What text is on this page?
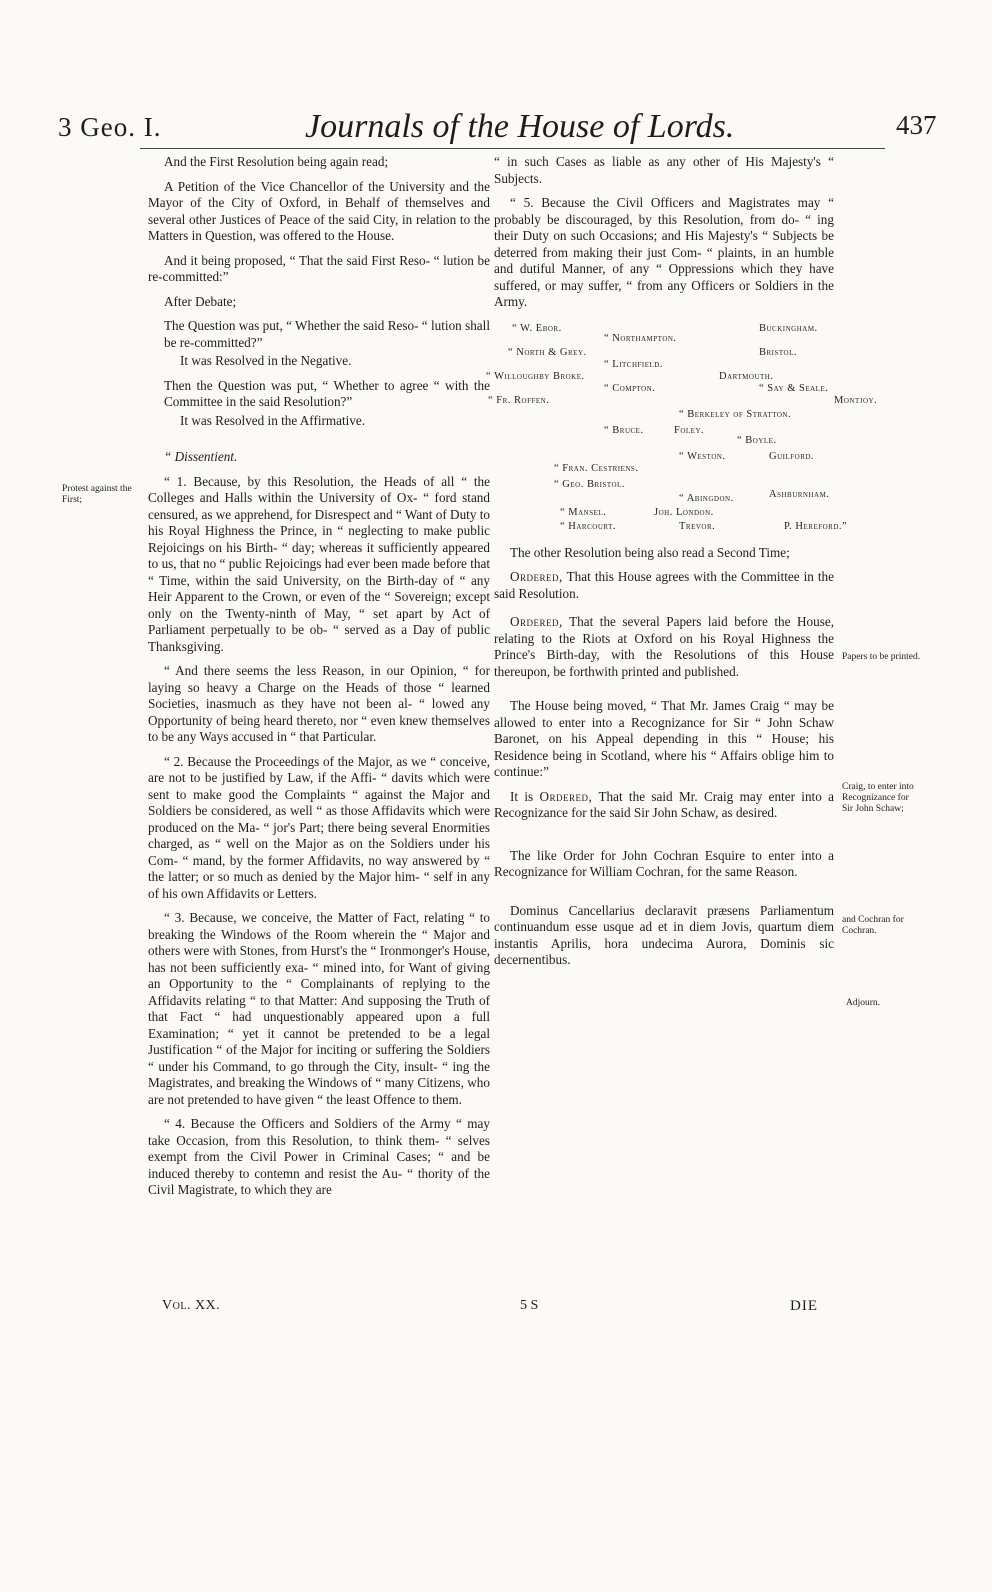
3 Geo. I.	Journals of the House of Lords.	437

And the First Resolution being again read;

A Petition of the Vice Chancellor of the University and the Mayor of the City of Oxford, in Behalf of themselves and several other Justices of Peace of the said City, in relation to the Matters in Question, was offered to the House.

And it being proposed, “ That the said First Reso- “ lution be re-committed:”

After Debate;

The Question was put, “ Whether the said Reso- “ lution shall be re-committed?”

It was Resolved in the Negative.

Then the Question was put, “ Whether to agree “ with the Committee in the said Resolution?”

It was Resolved in the Affirmative.

“ Dissentient.

“ 1. Because, by this Resolution, the Heads of all “ the Colleges and Halls within the University of Ox- “ ford stand censured, as we apprehend, for Disrespect and “ Want of Duty to his Royal Highness the Prince, in “ neglecting to make public Rejoicings on his Birth- “ day; whereas it sufficiently appeared to us, that no “ public Rejoicings had ever been made before that “ Time, within the said University, on the Birth-day of “ any Heir Apparent to the Crown, or even of the “ Sovereign; except only on the Twenty-ninth of May, “ set apart by Act of Parliament perpetually to be ob- “ served as a Day of public Thanksgiving.

“ And there seems the less Reason, in our Opinion, “ for laying so heavy a Charge on the Heads of those “ learned Societies, inasmuch as they have not been al- “ lowed any Opportunity of being heard thereto, nor “ even knew themselves to be any Ways accused in “ that Particular.

“ 2. Because the Proceedings of the Major, as we “ conceive, are not to be justified by Law, if the Affi- “ davits which were sent to make good the Complaints “ against the Major and Soldiers be considered, as well “ as those Affidavits which were produced on the Ma- “ jor's Part; there being several Enormities charged, as “ well on the Major as on the Soldiers under his Com- “ mand, by the former Affidavits, no way answered by “ the latter; or so much as denied by the Major him- “ self in any of his own Affidavits or Letters.

“ 3. Because, we conceive, the Matter of Fact, relating “ to breaking the Windows of the Room wherein the “ Major and others were with Stones, from Hurst's the “ Ironmonger's House, has not been sufficiently exa- “ mined into, for Want of giving an Opportunity to the “ Complainants of replying to the Affidavits relating “ to that Matter: And supposing the Truth of that Fact “ had unquestionably appeared upon a full Examination; “ yet it cannot be pretended to be a legal Justification “ of the Major for inciting or suffering the Soldiers “ under his Command, to go through the City, insult- “ ing the Magistrates, and breaking the Windows of “ many Citizens, who are not pretended to have given “ the least Offence to them.

“ 4. Because the Officers and Soldiers of the Army “ may take Occasion, from this Resolution, to think them- “ selves exempt from the Civil Power in Criminal Cases; “ and be induced thereby to contemn and resist the Au- “ thority of the Civil Magistrate, to which they are

Protest against the First;

“ in such Cases as liable as any other of His Majesty's “ Subjects.

“ 5. Because the Civil Officers and Magistrates may “ probably be discouraged, by this Resolution, from do- “ ing their Duty on such Occasions; and His Majesty's “ Subjects be deterred from making their just Com- “ plaints, in an humble and dutiful Manner, of any “ Oppressions which they have suffered, or may suffer, “ from any Officers or Soldiers in the Army.

“ W. Ebor.
“ Northampton.
Buckingham.
“ North & Grey.	Bristol.
“ Litchfield.
“ Willoughby Broke.	Dartmouth.
“ Compton.	“ Say & Seale.
“ Fr. Roffen.	Montjoy.
“ Berkeley of Stratton.
“ Bruce.	Foley.
“ Boyle.
“ Weston.	Guilford.
“ Fran. Cestriens.
“ Geo. Bristol.
“ Abingdon.	Ashburnham.
“ Mansel.	Joh. London.
“ Harcourt.	Trevor.	P. Hereford.”

The other Resolution being also read a Second Time;

Ordered, That this House agrees with the Committee in the said Resolution.

Ordered, That the several Papers laid before the House, relating to the Riots at Oxford on his Royal Highness the Prince's Birth-day, with the Resolutions of this House thereupon, be forthwith printed and published.

The House being moved, “ That Mr. James Craig “ may be allowed to enter into a Recognizance for Sir “ John Schaw Baronet, on his Appeal depending in this “ House; his Residence being in Scotland, where his “ Affairs oblige him to continue:”

It is Ordered, That the said Mr. Craig may enter into a Recognizance for the said Sir John Schaw, as desired.

The like Order for John Cochran Esquire to enter into a Recognizance for William Cochran, for the same Reason.

Dominus Cancellarius declaravit præsens Parliamentum continuandum esse usque ad et in diem Jovis, quartum diem instantis Aprilis, hora undecima Aurora, Dominis sic decernentibus.

Papers to be printed.
Craig, to enter into Recognizance for Sir John Schaw;
and Cochran for Cochran.
Adjourn.
Vol. XX.	5 S	DIE
